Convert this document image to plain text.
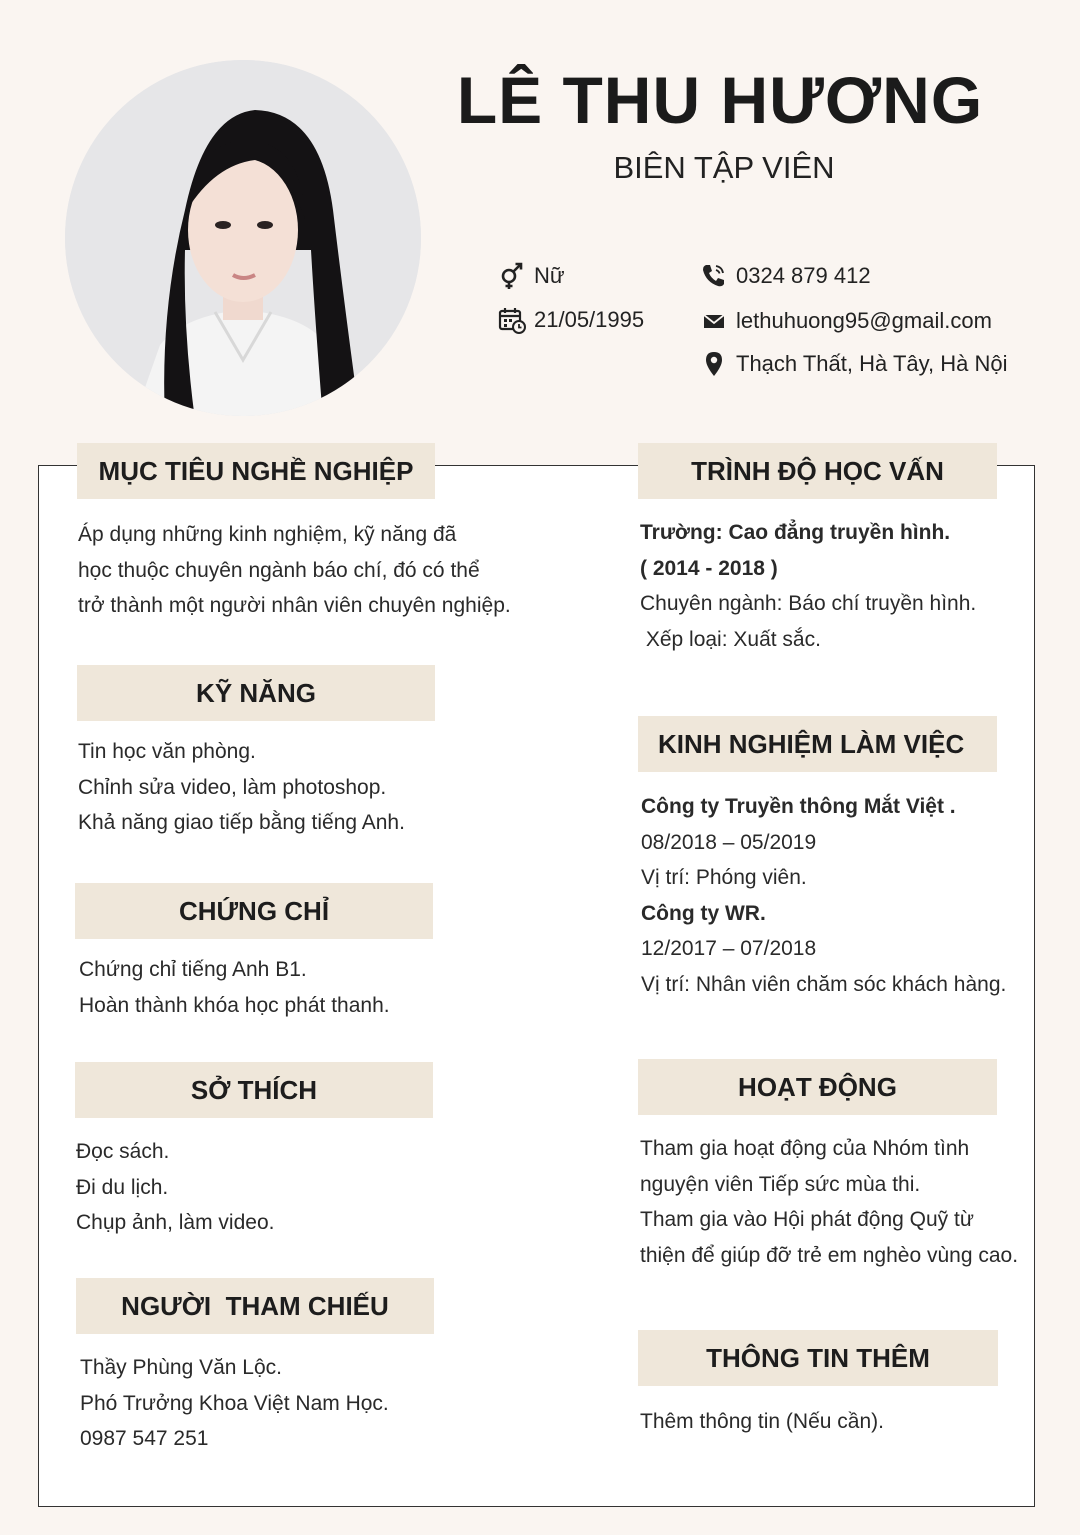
LÊ THU HƯƠNG
BIÊN TẬP VIÊN
Nữ
21/05/1995
0324 879 412
lethuhuong95@gmail.com
Thạch Thất, Hà Tây, Hà Nội
MỤC TIÊU NGHỀ NGHIỆP

Áp dụng những kinh nghiệm, kỹ năng đã

học thuộc chuyên ngành báo chí, đó có thể

trở thành một người nhân viên chuyên nghiệp.

KỸ NĂNG

Tin học văn phòng.

Chỉnh sửa video, làm photoshop.

Khả năng giao tiếp bằng tiếng Anh.

CHỨNG CHỈ

Chứng chỉ tiếng Anh B1.

Hoàn thành khóa học phát thanh.

SỞ THÍCH

Đọc sách.

Đi du lịch.

Chụp ảnh, làm video.

NGƯỜI  THAM CHIẾU

Thầy Phùng Văn Lộc.

Phó Trưởng Khoa Việt Nam Học.

0987 547 251

TRÌNH ĐỘ HỌC VẤN

Trường: Cao đẳng truyền hình.

( 2014 - 2018 )

Chuyên ngành: Báo chí truyền hình.

Xếp loại: Xuất sắc.

KINH NGHIỆM LÀM VIỆC

Công ty Truyền thông Mắt Việt .

08/2018 – 05/2019

Vị trí: Phóng viên.

Công ty WR.

12/2017 – 07/2018

Vị trí: Nhân viên chăm sóc khách hàng.

HOẠT ĐỘNG

Tham gia hoạt động của Nhóm tình

nguyện viên Tiếp sức mùa thi.

Tham gia vào Hội phát động Quỹ từ

thiện để giúp đỡ trẻ em nghèo vùng cao.

THÔNG TIN THÊM

Thêm thông tin (Nếu cần).
